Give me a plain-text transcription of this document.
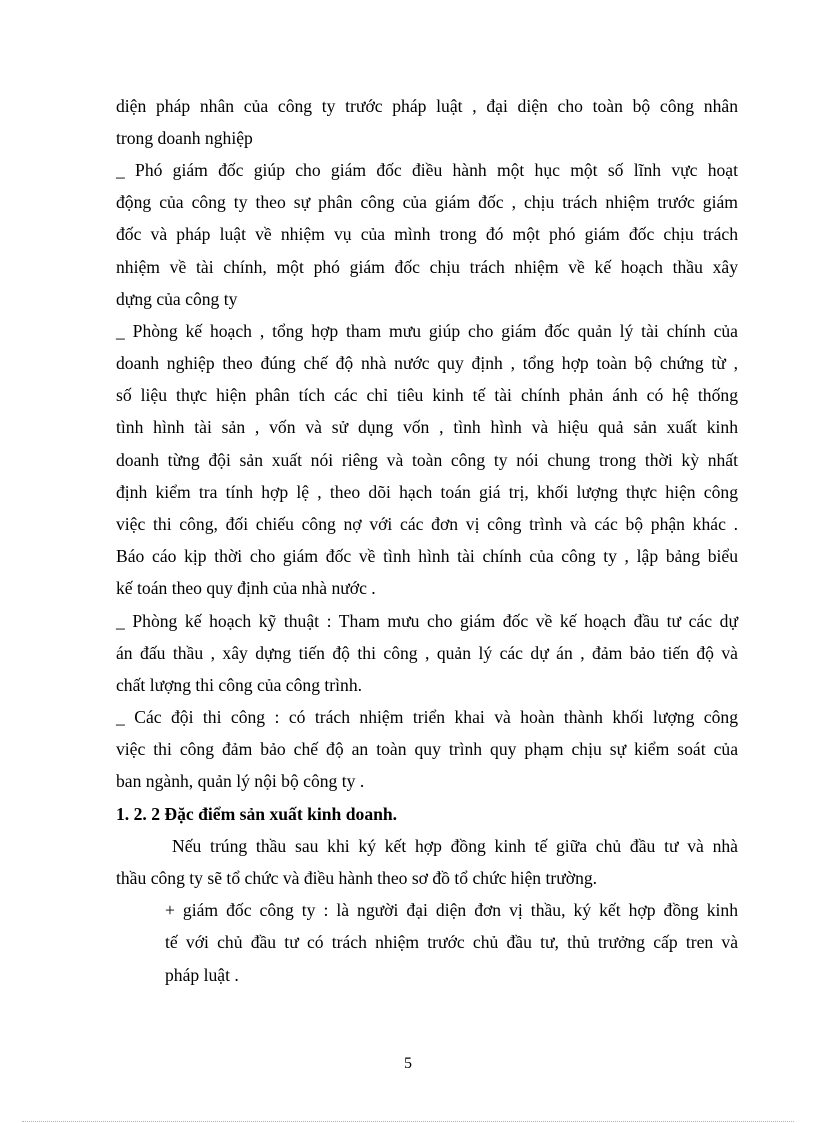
diện pháp nhân của công ty trước pháp luật , đại diện cho toàn bộ công nhân
trong doanh nghiệp
_ Phó giám đốc giúp cho giám đốc điều hành một hục một số lĩnh vực hoạt
động của công ty theo sự phân công của giám đốc , chịu trách nhiệm trước giám
đốc và pháp luật về nhiệm vụ của mình trong đó một phó giám đốc chịu trách
nhiệm về tài chính, một phó giám đốc chịu trách nhiệm về kế hoạch thầu xây
dựng của công ty
_ Phòng kế hoạch , tổng hợp tham mưu giúp cho giám đốc quản lý tài chính của
doanh nghiệp theo đúng chế độ nhà nước quy định , tổng hợp toàn bộ chứng từ ,
số liệu thực hiện phân tích các chỉ tiêu kinh tế tài chính phản ánh có hệ thống
tình hình tài sản , vốn và sử dụng vốn , tình hình và hiệu quả sản xuất kinh
doanh từng đội sản xuất nói riêng và toàn công ty nói chung trong thời kỳ nhất
định kiểm tra tính hợp lệ , theo dõi hạch toán giá trị, khối lượng thực hiện công
việc thi công, đối chiếu công nợ với các đơn vị công trình và các bộ phận khác .
Báo cáo kịp thời cho giám đốc về tình hình tài chính của công ty , lập bảng biểu
kế toán theo quy định của nhà nước .
_ Phòng kế hoạch kỹ thuật : Tham mưu cho giám đốc về kế hoạch đầu tư các dự
án đấu thầu , xây dựng tiến độ thi công , quản lý các dự án , đảm bảo tiến độ và
chất lượng thi công của công trình.
_ Các đội thi công : có trách nhiệm triển khai và hoàn thành khối lượng công
việc thi công đảm bảo chế độ an toàn quy trình quy phạm chịu sự kiểm soát của
ban ngành, quản lý nội bộ công ty .
1. 2. 2 Đặc điểm sản xuất kinh doanh.
Nếu trúng thầu sau khi ký kết hợp đồng kinh tế giữa chủ đầu tư và nhà
thầu công ty sẽ tổ chức và điều hành theo sơ đồ tổ chức hiện trường.
+ giám đốc công ty : là người đại diện đơn vị thầu, ký kết hợp đồng kinh
tế với chủ đầu tư có trách nhiệm trước chủ đầu tư, thủ trưởng cấp tren và
pháp luật .
5
